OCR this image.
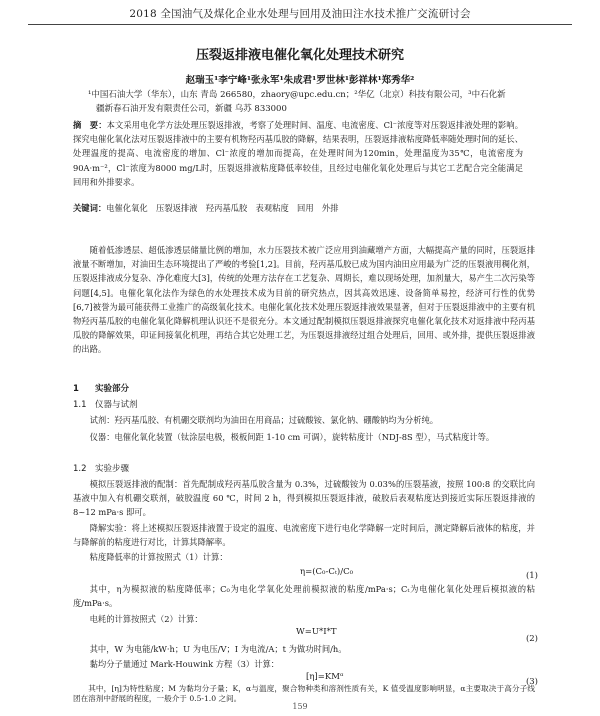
2018 全国油气及煤化企业水处理与回用及油田注水技术推广交流研讨会
压裂返排液电催化氧化处理技术研究
赵瑞玉¹李宁峰¹张永军¹朱成君¹罗世林¹彭祥林¹郑秀华²
¹中国石油大学（华东），山东 青岛 266580，zhaory@upc.edu.cn；²华亿（北京）科技有限公司，³中石化新
疆新春石油开发有限责任公司，新疆 乌苏 833000
摘　要：本文采用电化学方法处理压裂返排液，考察了处理时间、温度、电流密度、Cl⁻浓度等对压裂返排液处理的影响。探究电催化氧化法对压裂返排液中的主要有机物羟丙基瓜胶的降解，结果表明，压裂返排液粘度降低率随处理时间的延长、处理温度的提高、电流密度的增加、Cl⁻浓度的增加而提高，在处理时间为120min，处理温度为35℃，电流密度为90A·m⁻²，Cl⁻浓度为8000 mg/L时，压裂返排液粘度降低率较佳，且经过电催化氧化处理后与其它工艺配合完全能满足回用和外排要求。
关键词：电催化氧化　压裂返排液　羟丙基瓜胶　表观粘度　回用　外排
随着低渗透层、超低渗透层储量比例的增加，水力压裂技术被广泛应用到油藏增产方面，大幅提高产量的同时，压裂返排液量不断增加，对油田生态环境提出了严峻的考验[1,2]。目前，羟丙基瓜胶已成为国内油田应用最为广泛的压裂液用稠化剂，压裂返排液成分复杂、净化难度大[3]，传统的处理方法存在工艺复杂、周期长，难以现场处理，加剂量大，易产生二次污染等问题[4,5]。电催化氧化法作为绿色的水处理技术成为目前的研究热点，因其高效迅速、设备简单易控，经济可行性的优势[6,7]被誉为最可能获得工业推广的高级氧化技术。电催化氧化技术处理压裂返排液效果显著，但对于压裂返排液中的主要有机物羟丙基瓜胶的电催化氧化降解机理认识还不是很充分。本文通过配制模拟压裂返排液探究电催化氧化技术对返排液中羟丙基瓜胶的降解效果，印证间接氧化机理，再结合其它处理工艺，为压裂返排液经过组合处理后，回用、或外排，提供压裂返排液的出路。
1 实验部分
1.1 仪器与试剂
试剂：羟丙基瓜胶、有机硼交联剂均为油田在用商品；过硫酸铵、氯化钠、硼酸钠均为分析纯。
仪器：电催化氧化装置（钛涂层电极，极板间距 1-10 cm 可调），旋转粘度计（NDJ-8S 型），马式粘度计等。
1.2 实验步骤
模拟压裂返排液的配制：首先配制成羟丙基瓜胶含量为 0.3%，过硫酸铵为 0.03%的压裂基液，按照 100:8 的交联比向基液中加入有机硼交联剂，破胶温度 60 ℃，时间 2 h，得到模拟压裂返排液，破胶后表观粘度达到接近实际压裂返排液的 8~12 mPa·s 即可。
降解实验：将上述模拟压裂返排液置于设定的温度、电流密度下进行电化学降解一定时间后，测定降解后液体的粘度，并与降解前的粘度进行对比，计算其降解率。
粘度降低率的计算按照式（1）计算：
η=(C₀-Cₜ)/C₀	(1)
其中，η为模拟液的粘度降低率；C₀为电化学氧化处理前模拟液的粘度/mPa·s；Cₜ为电催化氧化处理后模拟液的粘度/mPa·s。
电耗的计算按照式（2）计算：
W=U*I*T
(2)
其中，W 为电能/kW·h；U 为电压/V；I 为电流/A；t 为做功时间/h。
黏均分子量通过 Mark-Houwink 方程（3）计算：
[η]=KMᵅ	(3)
其中，[η]为特性粘度；M 为黏均分子量；K，α与温度，聚合物种类和溶剂性质有关，K 值受温度影响明显，α主要取决于高分子线团在溶剂中舒展的程度，一般介于 0.5-1.0 之间。
159
